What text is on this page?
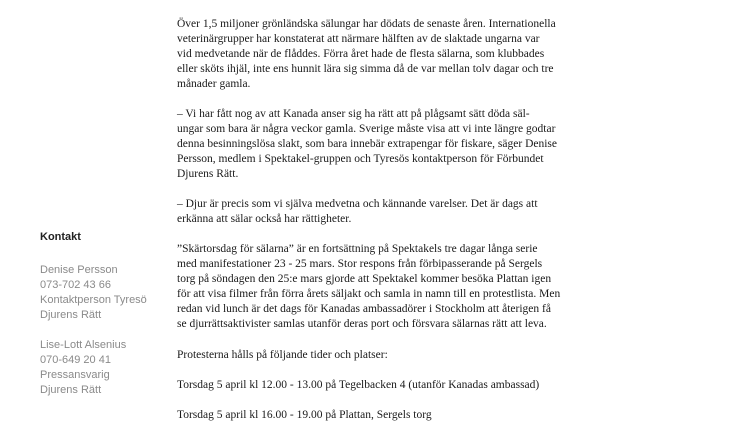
Kontakt
Denise Persson
073-702 43 66
Kontaktperson Tyresö
Djurens Rätt
Lise-Lott Alsenius
070-649 20 41
Pressansvarig
Djurens Rätt

Över 1,5 miljoner grönländska sälungar har dödats de senaste åren. Internationella
veterinärgrupper har konstaterat att närmare hälften av de slaktade ungarna var
vid medvetande när de flåddes. Förra året hade de flesta sälarna, som klubbades
eller sköts ihjäl, inte ens hunnit lära sig simma då de var mellan tolv dagar och tre
månader gamla.

– Vi har fått nog av att Kanada anser sig ha rätt att på plågsamt sätt döda säl-
ungar som bara är några veckor gamla. Sverige måste visa att vi inte längre godtar
denna besinningslösa slakt, som bara innebär extrapengar för fiskare, säger Denise
Persson, medlem i Spektakel-gruppen och Tyresös kontaktperson för Förbundet
Djurens Rätt.

– Djur är precis som vi själva medvetna och kännande varelser. Det är dags att
erkänna att sälar också har rättigheter.

”Skärtorsdag för sälarna” är en fortsättning på Spektakels tre dagar långa serie
med manifestationer 23 - 25 mars. Stor respons från förbipasserande på Sergels
torg på söndagen den 25:e mars gjorde att Spektakel kommer besöka Plattan igen
för att visa filmer från förra årets säljakt och samla in namn till en protestlista. Men
redan vid lunch är det dags för Kanadas ambassadörer i Stockholm att återigen få
se djurrättsaktivister samlas utanför deras port och försvara sälarnas rätt att leva.

Protesterna hålls på följande tider och platser:

Torsdag 5 april kl 12.00 - 13.00 på Tegelbacken 4 (utanför Kanadas ambassad)

Torsdag 5 april kl 16.00 - 19.00 på Plattan, Sergels torg
